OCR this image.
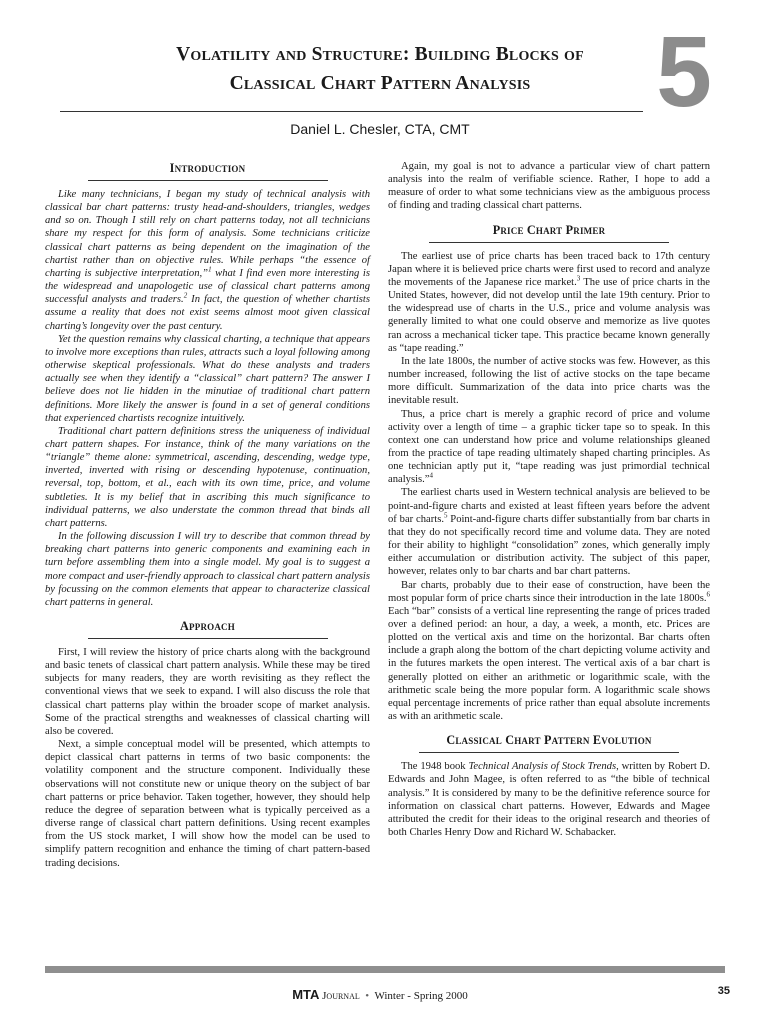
Volatility and Structure: Building Blocks of
Classical Chart Pattern Analysis	5
Daniel L. Chesler, CTA, CMT
Introduction

Like many technicians, I began my study of technical analysis with classical bar chart patterns: trusty head-and-shoulders, triangles, wedges and so on. Though I still rely on chart patterns today, not all technicians share my respect for this form of analysis. Some technicians criticize classical chart patterns as being dependent on the imagination of the chartist rather than on objective rules. While perhaps “the essence of charting is subjective interpretation,”$^1$ what I find even more interesting is the widespread and unapologetic use of classical chart patterns among successful analysts and traders.$^2$ In fact, the question of whether chartists assume a reality that does not exist seems almost moot given classical charting’s longevity over the past century.

Yet the question remains why classical charting, a technique that appears to involve more exceptions than rules, attracts such a loyal following among otherwise skeptical professionals. What do these analysts and traders actually see when they identify a “classical” chart pattern? The answer I believe does not lie hidden in the minutiae of traditional chart pattern definitions. More likely the answer is found in a set of general conditions that experienced chartists recognize intuitively.

Traditional chart pattern definitions stress the uniqueness of individual chart pattern shapes. For instance, think of the many variations on the “triangle” theme alone: symmetrical, ascending, descending, wedge type, inverted, inverted with rising or descending hypotenuse, continuation, reversal, top, bottom, et al., each with its own time, price, and volume subtleties. It is my belief that in ascribing this much significance to individual patterns, we also understate the common thread that binds all chart patterns.

In the following discussion I will try to describe that common thread by breaking chart patterns into generic components and examining each in turn before assembling them into a single model. My goal is to suggest a more compact and user-friendly approach to classical chart pattern analysis by focussing on the common elements that appear to characterize classical chart patterns in general.

Approach

First, I will review the history of price charts along with the background and basic tenets of classical chart pattern analysis. While these may be tired subjects for many readers, they are worth revisiting as they reflect the conventional views that we seek to expand. I will also discuss the role that classical chart patterns play within the broader scope of market analysis. Some of the practical strengths and weaknesses of classical charting will also be covered.

Next, a simple conceptual model will be presented, which attempts to depict classical chart patterns in terms of two basic components: the volatility component and the structure component. Individually these observations will not constitute new or unique theory on the subject of bar chart patterns or price behavior. Taken together, however, they should help reduce the degree of separation between what is typically perceived as a diverse range of classical chart pattern definitions. Using recent examples from the US stock market, I will show how the model can be used to simplify pattern recognition and enhance the timing of chart pattern-based trading decisions.

Again, my goal is not to advance a particular view of chart pattern analysis into the realm of verifiable science. Rather, I hope to add a measure of order to what some technicians view as the ambiguous process of finding and trading classical chart patterns.

Price Chart Primer

The earliest use of price charts has been traced back to 17th century Japan where it is believed price charts were first used to record and analyze the movements of the Japanese rice market.$^3$ The use of price charts in the United States, however, did not develop until the late 19th century. Prior to the widespread use of charts in the U.S., price and volume analysis was generally limited to what one could observe and memorize as live quotes ran across a mechanical ticker tape. This practice became known generally as “tape reading.”

In the late 1800s, the number of active stocks was few. However, as this number increased, following the list of active stocks on the tape became more difficult. Summarization of the data into price charts was the inevitable result.

Thus, a price chart is merely a graphic record of price and volume activity over a length of time – a graphic ticker tape so to speak. In this context one can understand how price and volume relationships gleaned from the practice of tape reading ultimately shaped charting principles. As one technician aptly put it, “tape reading was just primordial technical analysis.”$^4$

The earliest charts used in Western technical analysis are believed to be point-and-figure charts and existed at least fifteen years before the advent of bar charts.$^5$ Point-and-figure charts differ substantially from bar charts in that they do not specifically record time and volume data. They are noted for their ability to highlight “consolidation” zones, which generally imply either accumulation or distribution activity. The subject of this paper, however, relates only to bar charts and bar chart patterns.

Bar charts, probably due to their ease of construction, have been the most popular form of price charts since their introduction in the late 1800s.$^6$ Each “bar” consists of a vertical line representing the range of prices traded over a defined period: an hour, a day, a week, a month, etc. Prices are plotted on the vertical axis and time on the horizontal. Bar charts often include a graph along the bottom of the chart depicting volume activity and in the futures markets the open interest. The vertical axis of a bar chart is generally plotted on either an arithmetic or logarithmic scale, with the arithmetic scale being the more popular form. A logarithmic scale shows equal percentage increments of price rather than equal absolute increments as with an arithmetic scale.

Classical Chart Pattern Evolution

The 1948 book Technical Analysis of Stock Trends, written by Robert D. Edwards and John Magee, is often referred to as “the bible of technical analysis.” It is considered by many to be the definitive reference source for information on classical chart patterns. However, Edwards and Magee attributed the credit for their ideas to the original research and theories of both Charles Henry Dow and Richard W. Schabacker.

MTA Journal • Winter - Spring 2000	35
